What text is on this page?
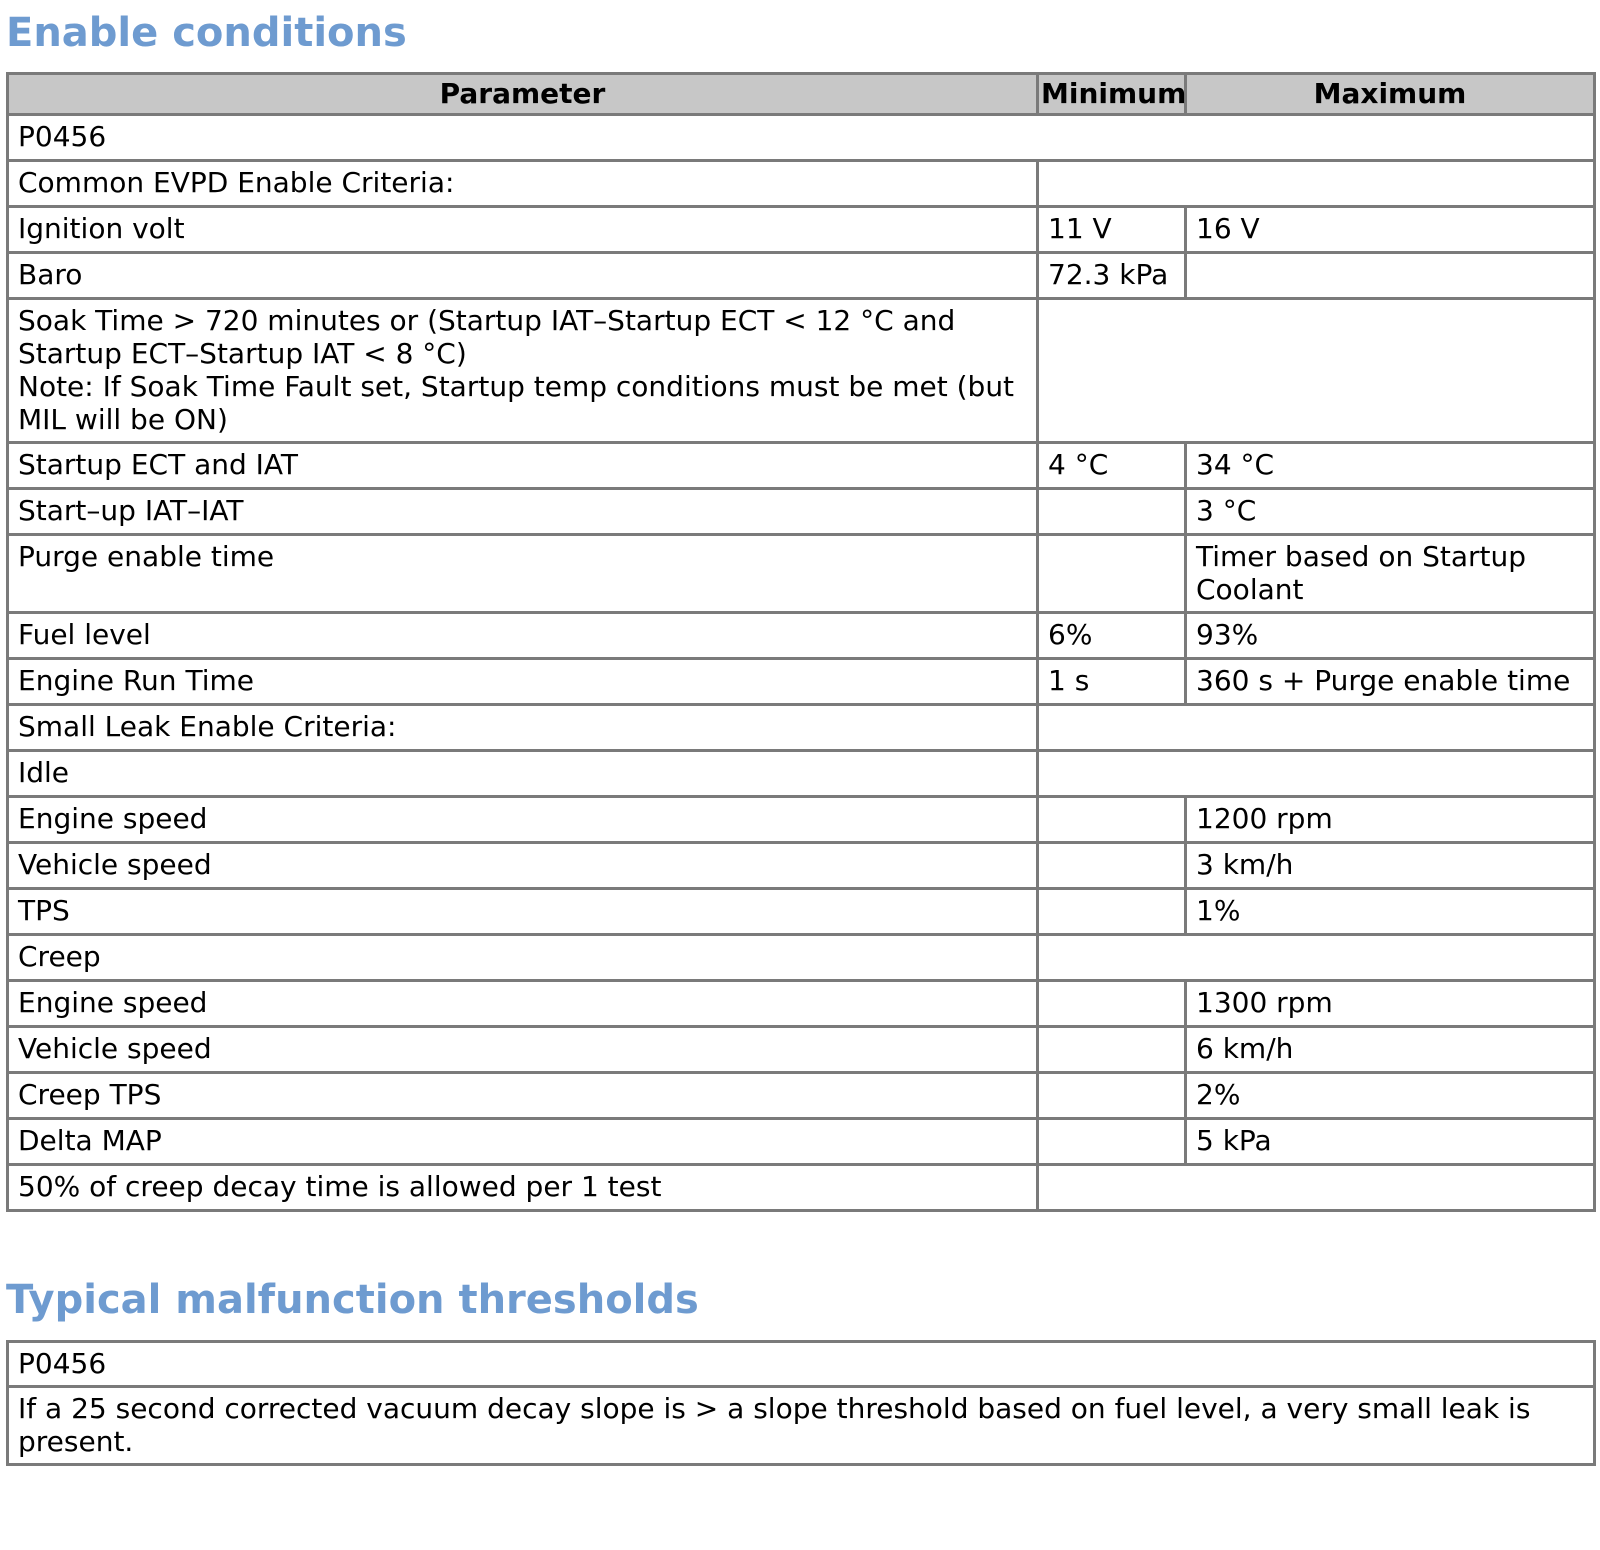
Enable conditions
Parameter	Minimum	Maximum
P0456		
Common EVPD Enable Criteria:		
Ignition volt	11 V	16 V
Baro	72.3 kPa	

Soak Time > 720 minutes or (Startup IAT–Startup ECT < 12 °C and Startup ECT–Startup IAT < 8 °C)
Note: If Soak Time Fault set, Startup temp conditions must be met (but MIL will be ON)		

Startup ECT and IAT	4 °C	34 °C
Start–up IAT–IAT		3 °C
Purge enable time		Timer based on Startup Coolant
Fuel level	6%	93%
Engine Run Time	1 s	360 s + Purge enable time
Small Leak Enable Criteria:		
Idle		
Engine speed		1200 rpm
Vehicle speed		3 km/h
TPS		1%
Creep		
Engine speed		1300 rpm
Vehicle speed		6 km/h
Creep TPS		2%
Delta MAP		5 kPa
50% of creep decay time is allowed per 1 test		
Typical malfunction thresholds
P0456
If a 25 second corrected vacuum decay slope is > a slope threshold based on fuel level, a very small leak is present.
